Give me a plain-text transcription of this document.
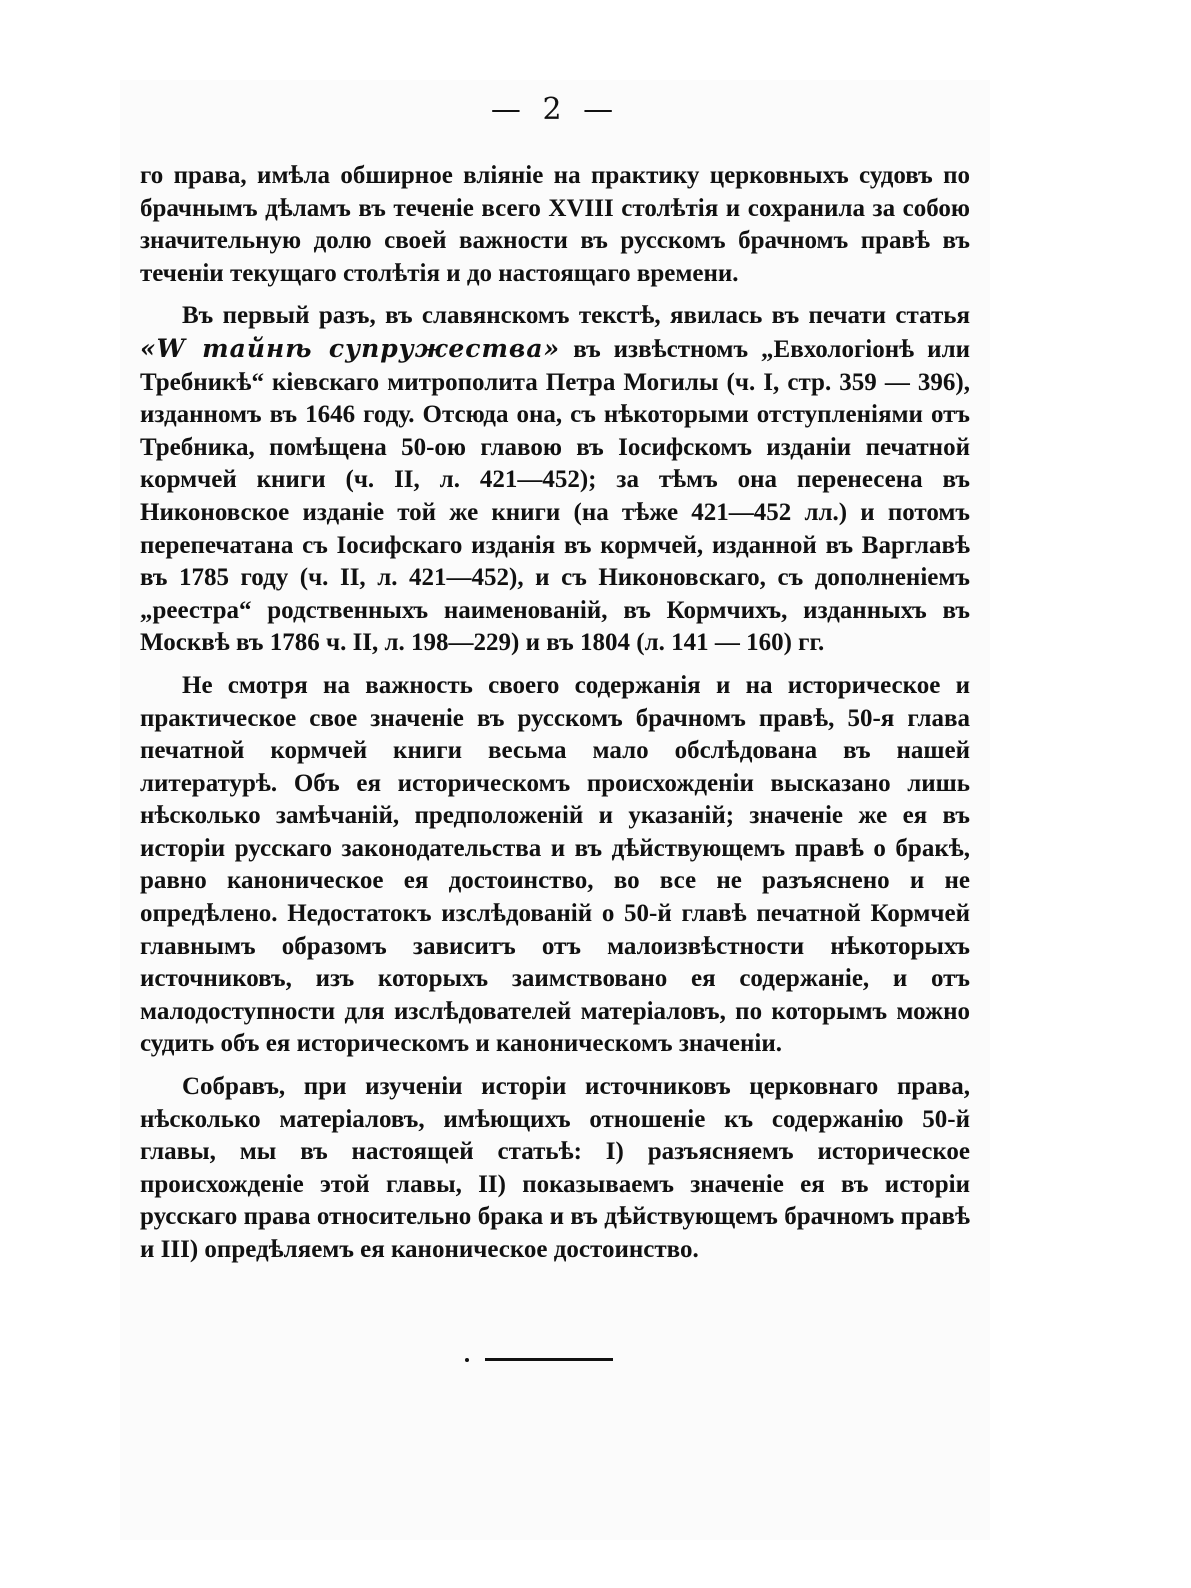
— 2 —

го права, имѣла обширное вліяніе на практику церковныхъ судовъ по брачнымъ дѣламъ въ теченіе всего XVIII столѣтія и сохранила за собою значительную долю своей важности въ русскомъ брачномъ правѣ въ теченіи текущаго столѣтія и до настоящаго времени.

Въ первый разъ, въ славянскомъ текстѣ, явилась въ печати статья «W тайнѣ супружества» въ извѣстномъ „Евхологіонѣ или Требникѣ“ кіевскаго митрополита Петра Могилы (ч. I, стр. 359 — 396), изданномъ въ 1646 году. Отсюда она, съ нѣкоторыми отступленіями отъ Требника, помѣщена 50-ою главою въ Іосифскомъ изданіи печатной кормчей книги (ч. II, л. 421—452); за тѣмъ она перенесена въ Никоновское изданіе той же книги (на тѣже 421—452 лл.) и потомъ перепечатана съ Іосифскаго изданія въ кормчей, изданной въ Варглавѣ въ 1785 году (ч. II, л. 421—452), и съ Никоновскаго, съ дополненіемъ „реестра“ родственныхъ наименованій, въ Кормчихъ, изданныхъ въ Москвѣ въ 1786 ч. II, л. 198—229) и въ 1804 (л. 141 — 160) гг.

Не смотря на важность своего содержанія и на историческое и практическое свое значеніе въ русскомъ брачномъ правѣ, 50-я глава печатной кормчей книги весьма мало обслѣдована въ нашей литературѣ. Объ ея историческомъ происхожденіи высказано лишь нѣсколько замѣчаній, предположеній и указаній; значеніе же ея въ исторіи русскаго законодательства и въ дѣйствующемъ правѣ о бракѣ, равно каноническое ея достоинство, во все не разъяснено и не опредѣлено. Недостатокъ изслѣдованій о 50-й главѣ печатной Кормчей главнымъ образомъ зависитъ отъ малоизвѣстности нѣкоторыхъ источниковъ, изъ которыхъ заимствовано ея содержаніе, и отъ малодоступности для изслѣдователей матеріаловъ, по которымъ можно судить объ ея историческомъ и каноническомъ значеніи.

Собравъ, при изученіи исторіи источниковъ церковнаго права, нѣсколько матеріаловъ, имѣющихъ отношеніе къ содержанію 50-й главы, мы въ настоящей статьѣ: I) разъясняемъ историческое происхожденіе этой главы, II) показываемъ значеніе ея въ исторіи русскаго права относительно брака и въ дѣйствующемъ брачномъ правѣ и III) опредѣляемъ ея каноническое достоинство.
